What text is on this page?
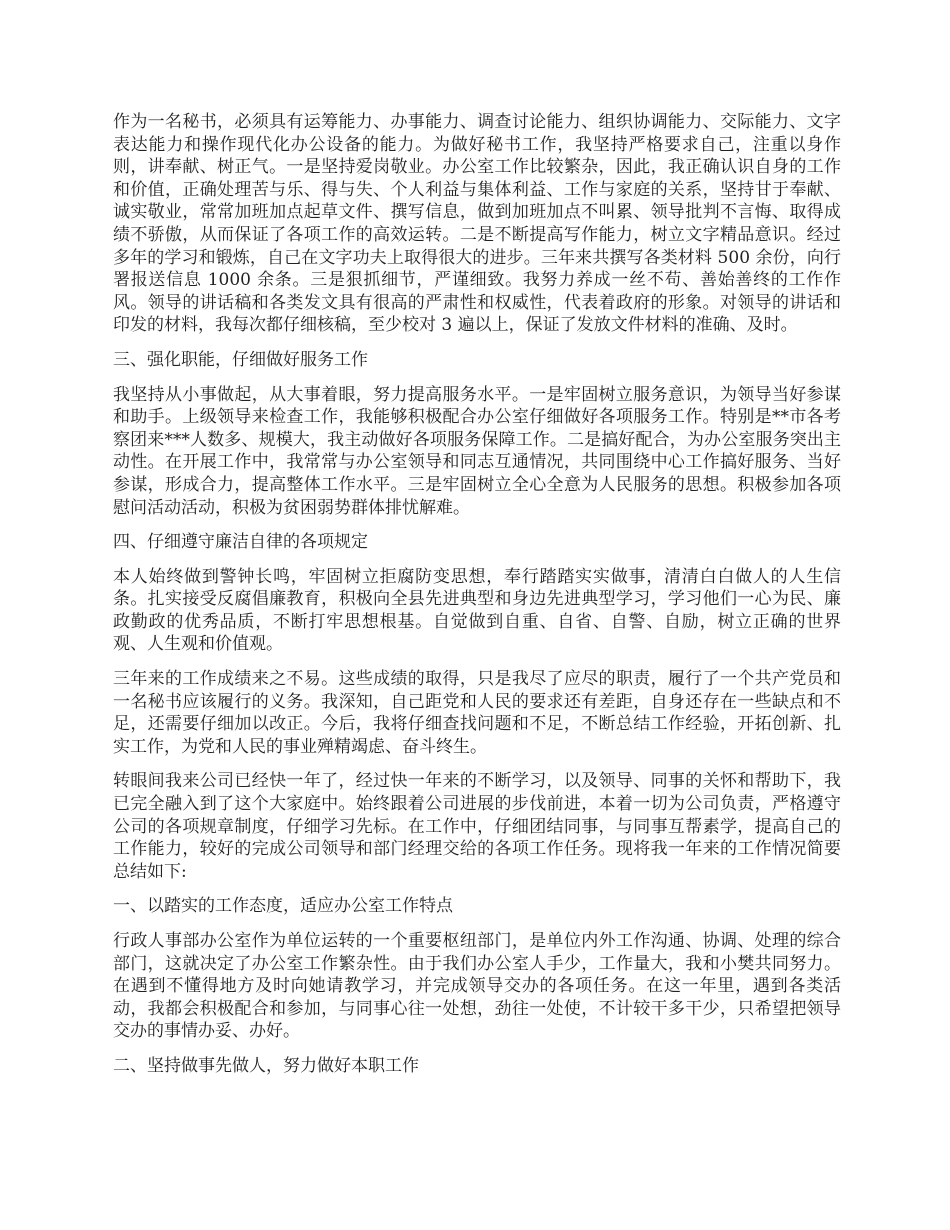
作为一名秘书，必须具有运筹能力、办事能力、调查讨论能力、组织协调能力、交际能力、文字表达能力和操作现代化办公设备的能力。为做好秘书工作，我坚持严格要求自己，注重以身作则，讲奉献、树正气。一是坚持爱岗敬业。办公室工作比较繁杂，因此，我正确认识自身的工作和价值，正确处理苦与乐、得与失、个人利益与集体利益、工作与家庭的关系，坚持甘于奉献、诚实敬业，常常加班加点起草文件、撰写信息，做到加班加点不叫累、领导批判不言悔、取得成绩不骄傲，从而保证了各项工作的高效运转。二是不断提高写作能力，树立文字精品意识。经过多年的学习和锻炼，自己在文字功夫上取得很大的进步。三年来共撰写各类材料 500 余份，向行署报送信息 1000 余条。三是狠抓细节，严谨细致。我努力养成一丝不苟、善始善终的工作作风。领导的讲话稿和各类发文具有很高的严肃性和权威性，代表着政府的形象。对领导的讲话和印发的材料，我每次都仔细核稿，至少校对 3 遍以上，保证了发放文件材料的准确、及时。

三、强化职能，仔细做好服务工作

我坚持从小事做起，从大事着眼，努力提高服务水平。一是牢固树立服务意识，为领导当好参谋和助手。上级领导来检查工作，我能够积极配合办公室仔细做好各项服务工作。特别是**市各考察团来***人数多、规模大，我主动做好各项服务保障工作。二是搞好配合，为办公室服务突出主动性。在开展工作中，我常常与办公室领导和同志互通情况，共同围绕中心工作搞好服务、当好参谋，形成合力，提高整体工作水平。三是牢固树立全心全意为人民服务的思想。积极参加各项慰问活动活动，积极为贫困弱势群体排忧解难。

四、仔细遵守廉洁自律的各项规定

本人始终做到警钟长鸣，牢固树立拒腐防变思想，奉行踏踏实实做事，清清白白做人的人生信条。扎实接受反腐倡廉教育，积极向全县先进典型和身边先进典型学习，学习他们一心为民、廉政勤政的优秀品质，不断打牢思想根基。自觉做到自重、自省、自警、自励，树立正确的世界观、人生观和价值观。

三年来的工作成绩来之不易。这些成绩的取得，只是我尽了应尽的职责，履行了一个共产党员和一名秘书应该履行的义务。我深知，自己距党和人民的要求还有差距，自身还存在一些缺点和不足，还需要仔细加以改正。今后，我将仔细查找问题和不足，不断总结工作经验，开拓创新、扎实工作，为党和人民的事业殚精竭虑、奋斗终生。

转眼间我来公司已经快一年了，经过快一年来的不断学习，以及领导、同事的关怀和帮助下，我已完全融入到了这个大家庭中。始终跟着公司进展的步伐前进，本着一切为公司负责，严格遵守公司的各项规章制度，仔细学习先标。在工作中，仔细团结同事，与同事互帮素学，提高自己的工作能力，较好的完成公司领导和部门经理交给的各项工作任务。现将我一年来的工作情况简要总结如下:

一、以踏实的工作态度，适应办公室工作特点

行政人事部办公室作为单位运转的一个重要枢纽部门，是单位内外工作沟通、协调、处理的综合部门，这就决定了办公室工作繁杂性。由于我们办公室人手少，工作量大，我和小樊共同努力。在遇到不懂得地方及时向她请教学习，并完成领导交办的各项任务。在这一年里，遇到各类活动，我都会积极配合和参加，与同事心往一处想，劲往一处使，不计较干多干少，只希望把领导交办的事情办妥、办好。

二、坚持做事先做人，努力做好本职工作
